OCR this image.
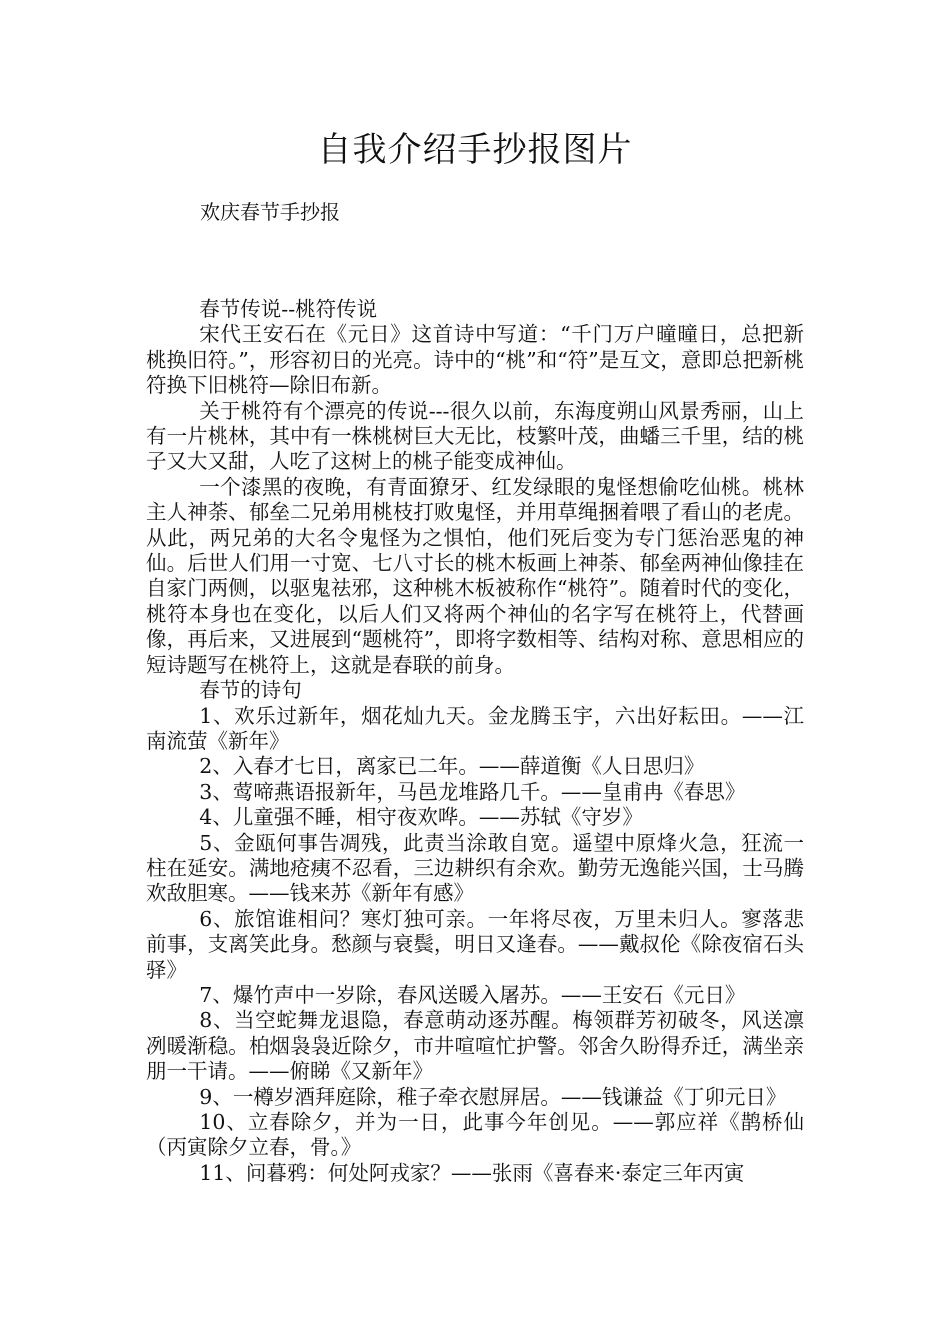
自我介绍手抄报图片
欢庆春节手抄报

春节传说--桃符传说

宋代王安石在《元日》这首诗中写道：“千门万户曈曈日，总把新桃换旧符。”，形容初日的光亮。诗中的“桃”和“符”是互文，意即总把新桃符换下旧桃符—除旧布新。

关于桃符有个漂亮的传说---很久以前，东海度朔山风景秀丽，山上有一片桃林，其中有一株桃树巨大无比，枝繁叶茂，曲蟠三千里，结的桃子又大又甜，人吃了这树上的桃子能变成神仙。

一个漆黑的夜晚，有青面獠牙、红发绿眼的鬼怪想偷吃仙桃。桃林主人神荼、郁垒二兄弟用桃枝打败鬼怪，并用草绳捆着喂了看山的老虎。从此，两兄弟的大名令鬼怪为之惧怕，他们死后变为专门惩治恶鬼的神仙。后世人们用一寸宽、七八寸长的桃木板画上神荼、郁垒两神仙像挂在自家门两侧，以驱鬼祛邪，这种桃木板被称作“桃符”。随着时代的变化，桃符本身也在变化，以后人们又将两个神仙的名字写在桃符上，代替画像，再后来，又进展到“题桃符”，即将字数相等、结构对称、意思相应的短诗题写在桃符上，这就是春联的前身。

春节的诗句

1、欢乐过新年，烟花灿九天。金龙腾玉宇，六出好耘田。——江南流萤《新年》

2、入春才七日，离家已二年。——薛道衡《人日思归》

3、莺啼燕语报新年，马邑龙堆路几千。——皇甫冉《春思》

4、儿童强不睡，相守夜欢哗。——苏轼《守岁》

5、金瓯何事告凋残，此责当涂敢自宽。遥望中原烽火急，狂流一柱在延安。满地疮痍不忍看，三边耕织有余欢。勤劳无逸能兴国，士马腾欢敌胆寒。——钱来苏《新年有感》

6、旅馆谁相问？寒灯独可亲。一年将尽夜，万里未归人。寥落悲前事，支离笑此身。愁颜与衰鬓，明日又逢春。——戴叔伦《除夜宿石头驿》

7、爆竹声中一岁除，春风送暖入屠苏。——王安石《元日》

8、当空蛇舞龙退隐，春意萌动逐苏醒。梅领群芳初破冬，风送凛冽暖渐稳。柏烟袅袅近除夕，市井喧喧忙护警。邻舍久盼得乔迁，满坐亲朋一干请。——俯睇《又新年》

9、一樽岁酒拜庭除，稚子牵衣慰屏居。——钱谦益《丁卯元日》

10、立春除夕，并为一日，此事今年创见。——郭应祥《鹊桥仙（丙寅除夕立春，骨。》

11、问暮鸦：何处阿戎家？——张雨《喜春来·泰定三年丙寅
